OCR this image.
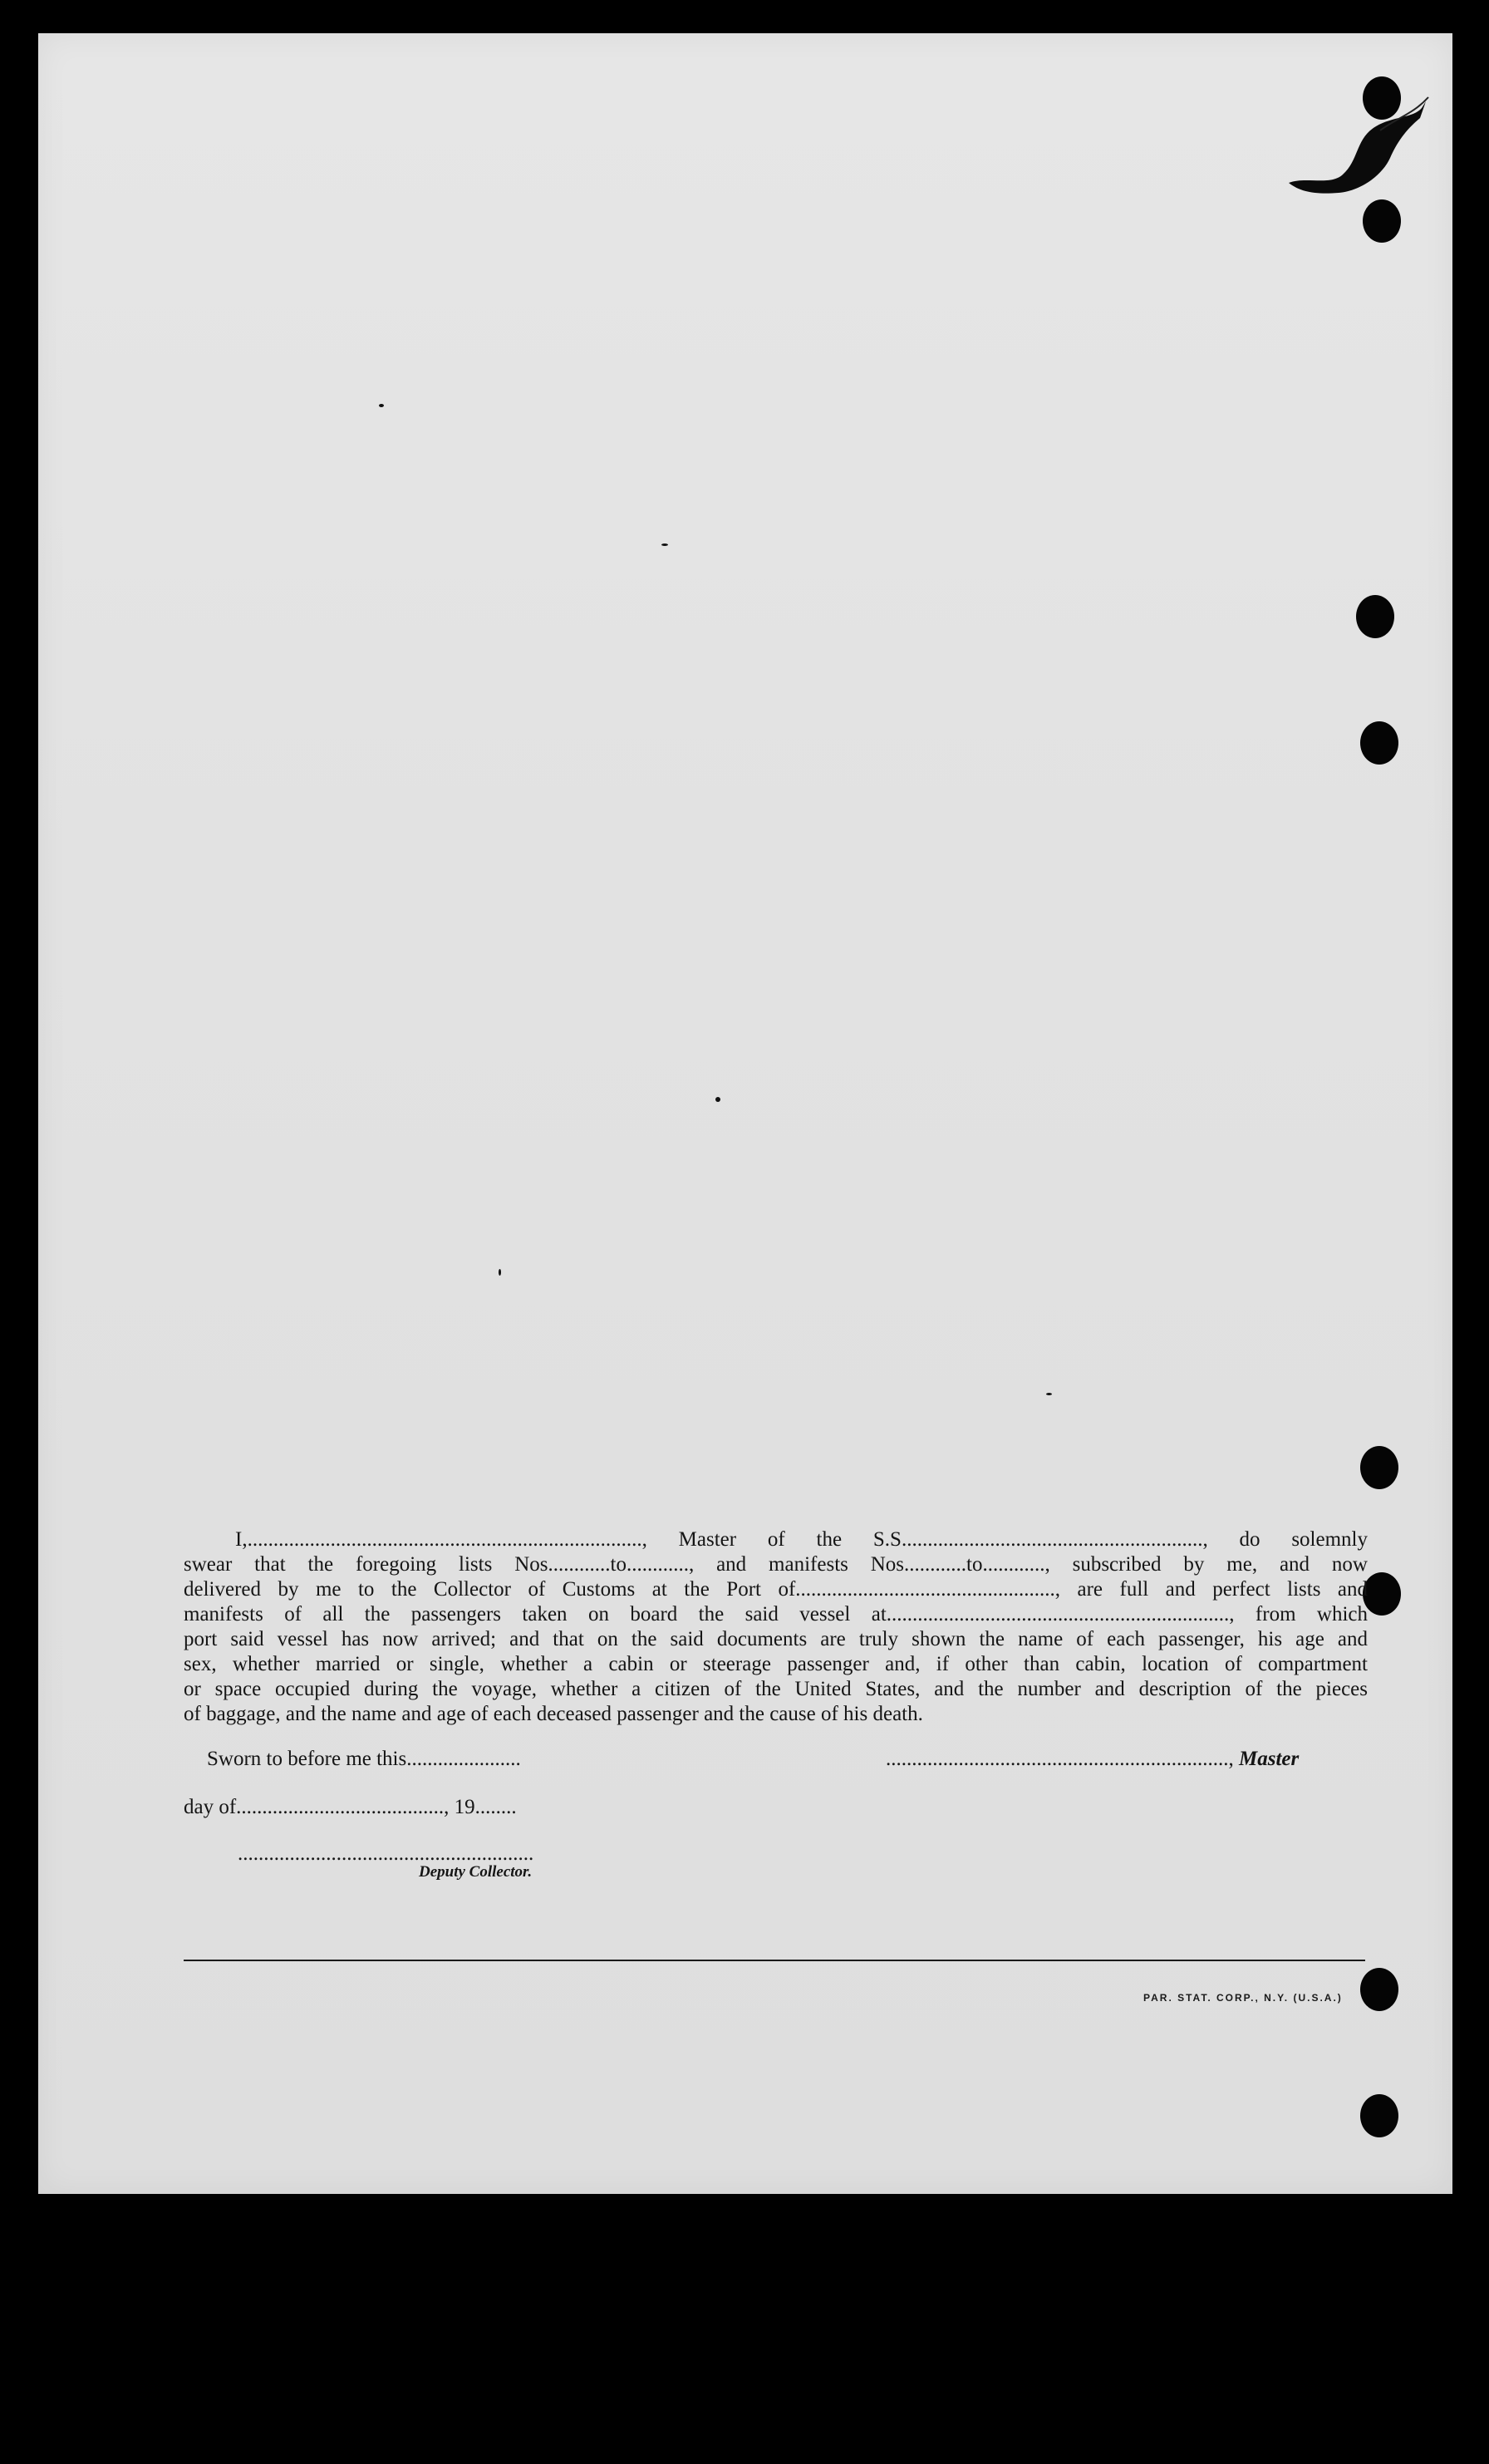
I,............................................................................, Master of the S.S.........................................................., do solemnly
swear that the foregoing lists Nos............to............, and manifests Nos............to............, subscribed by me, and now
delivered by me to the Collector of Customs at the Port of.................................................., are full and perfect lists and
manifests of all the passengers taken on board the said vessel at.................................................................., from which
port said vessel has now arrived; and that on the said documents are truly shown the name of each passenger, his age and
sex, whether married or single, whether a cabin or steerage passenger and, if other than cabin, location of compartment
or space occupied during the voyage, whether a citizen of the United States, and the number and description of the pieces
of baggage, and the name and age of each deceased passenger and the cause of his death.

Sworn to before me this......................	.................................................................., Master
day of........................................, 19........
.........................................................
Deputy Collector.
PAR. STAT. CORP., N.Y. (U.S.A.)
